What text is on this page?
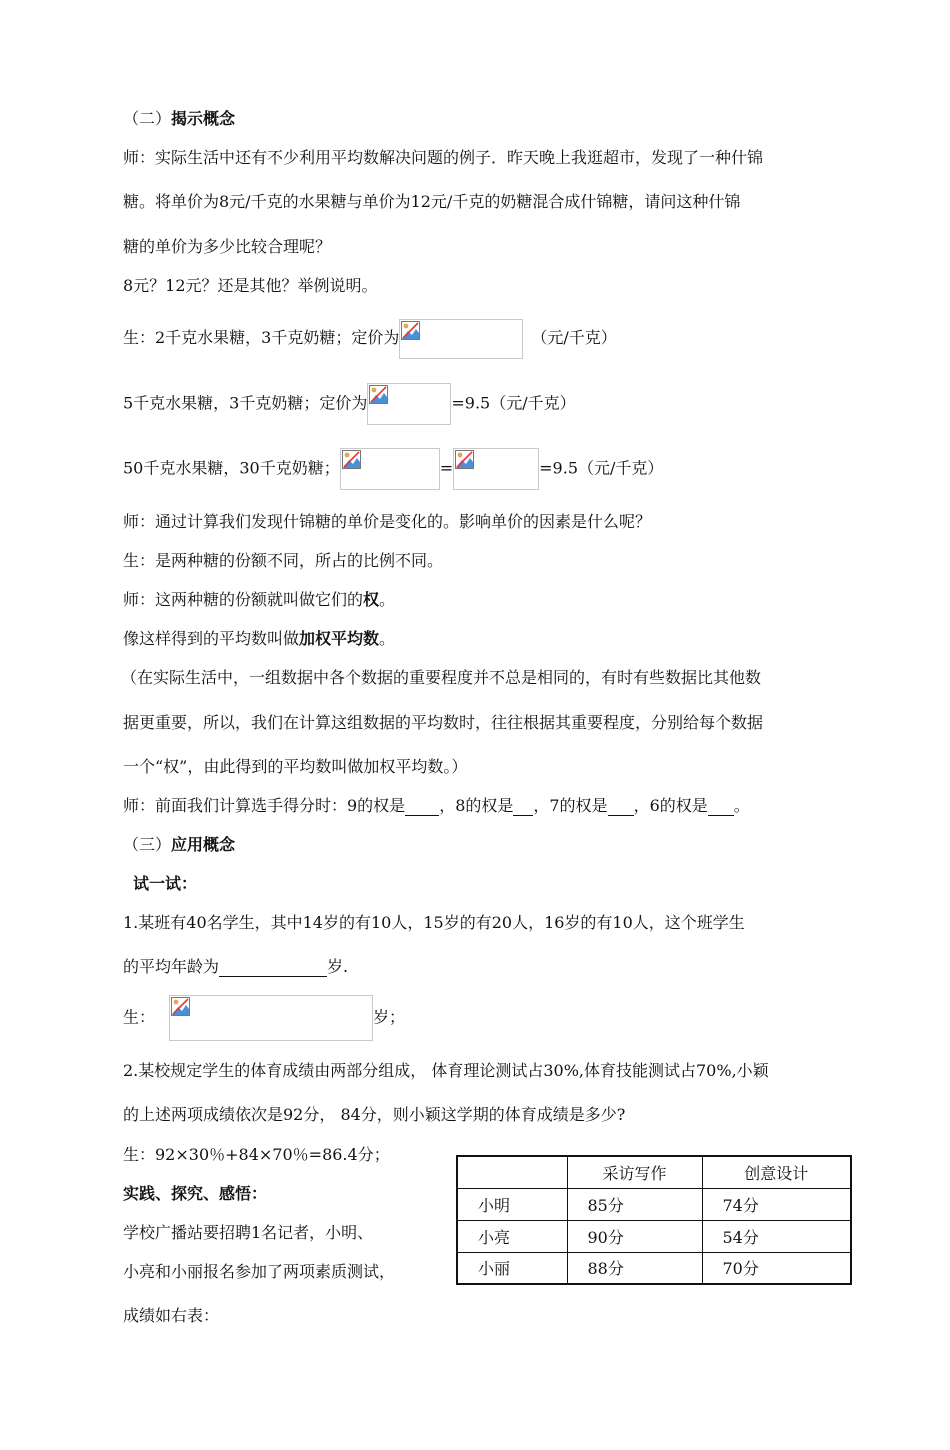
（二）揭示概念
师：实际生活中还有不少利用平均数解决问题的例子．昨天晚上我逛超市，发现了一种什锦
糖。将单价为8元/千克的水果糖与单价为12元/千克的奶糖混合成什锦糖，请问这种什锦
糖的单价为多少比较合理呢？
8元？12元？还是其他？举例说明。
生：2千克水果糖，3千克奶糖；定价为	（元/千克）
5千克水果糖，3千克奶糖；定价为	=9.5（元/千克）
50千克水果糖，30千克奶糖；	=	=9.5（元/千克）
师：通过计算我们发现什锦糖的单价是变化的。影响单价的因素是什么呢？
生：是两种糖的份额不同，所占的比例不同。
师：这两种糖的份额就叫做它们的权。
像这样得到的平均数叫做加权平均数。
（在实际生活中，一组数据中各个数据的重要程度并不总是相同的，有时有些数据比其他数
据更重要，所以，我们在计算这组数据的平均数时，往往根据其重要程度，分别给每个数据
一个“权”，由此得到的平均数叫做加权平均数。）
师：前面我们计算选手得分时：9的权是 ，8的权是 ，7的权是 ，6的权是 。
（三）应用概念
试一试：
1.某班有40名学生，其中14岁的有10人，15岁的有20人，16岁的有10人，这个班学生
的平均年龄为	岁.
生：	岁；
2.某校规定学生的体育成绩由两部分组成， 体育理论测试占30%,体育技能测试占70%,小颖
的上述两项成绩依次是92分， 84分，则小颖这学期的体育成绩是多少?
生：92×30％+84×70％=86.4分；
实践、探究、感悟：
学校广播站要招聘1名记者，小明、
小亮和小丽报名参加了两项素质测试，
成绩如右表：
	采访写作	创意设计
小明	85分	74分
小亮	90分	54分
小丽	88分	70分
